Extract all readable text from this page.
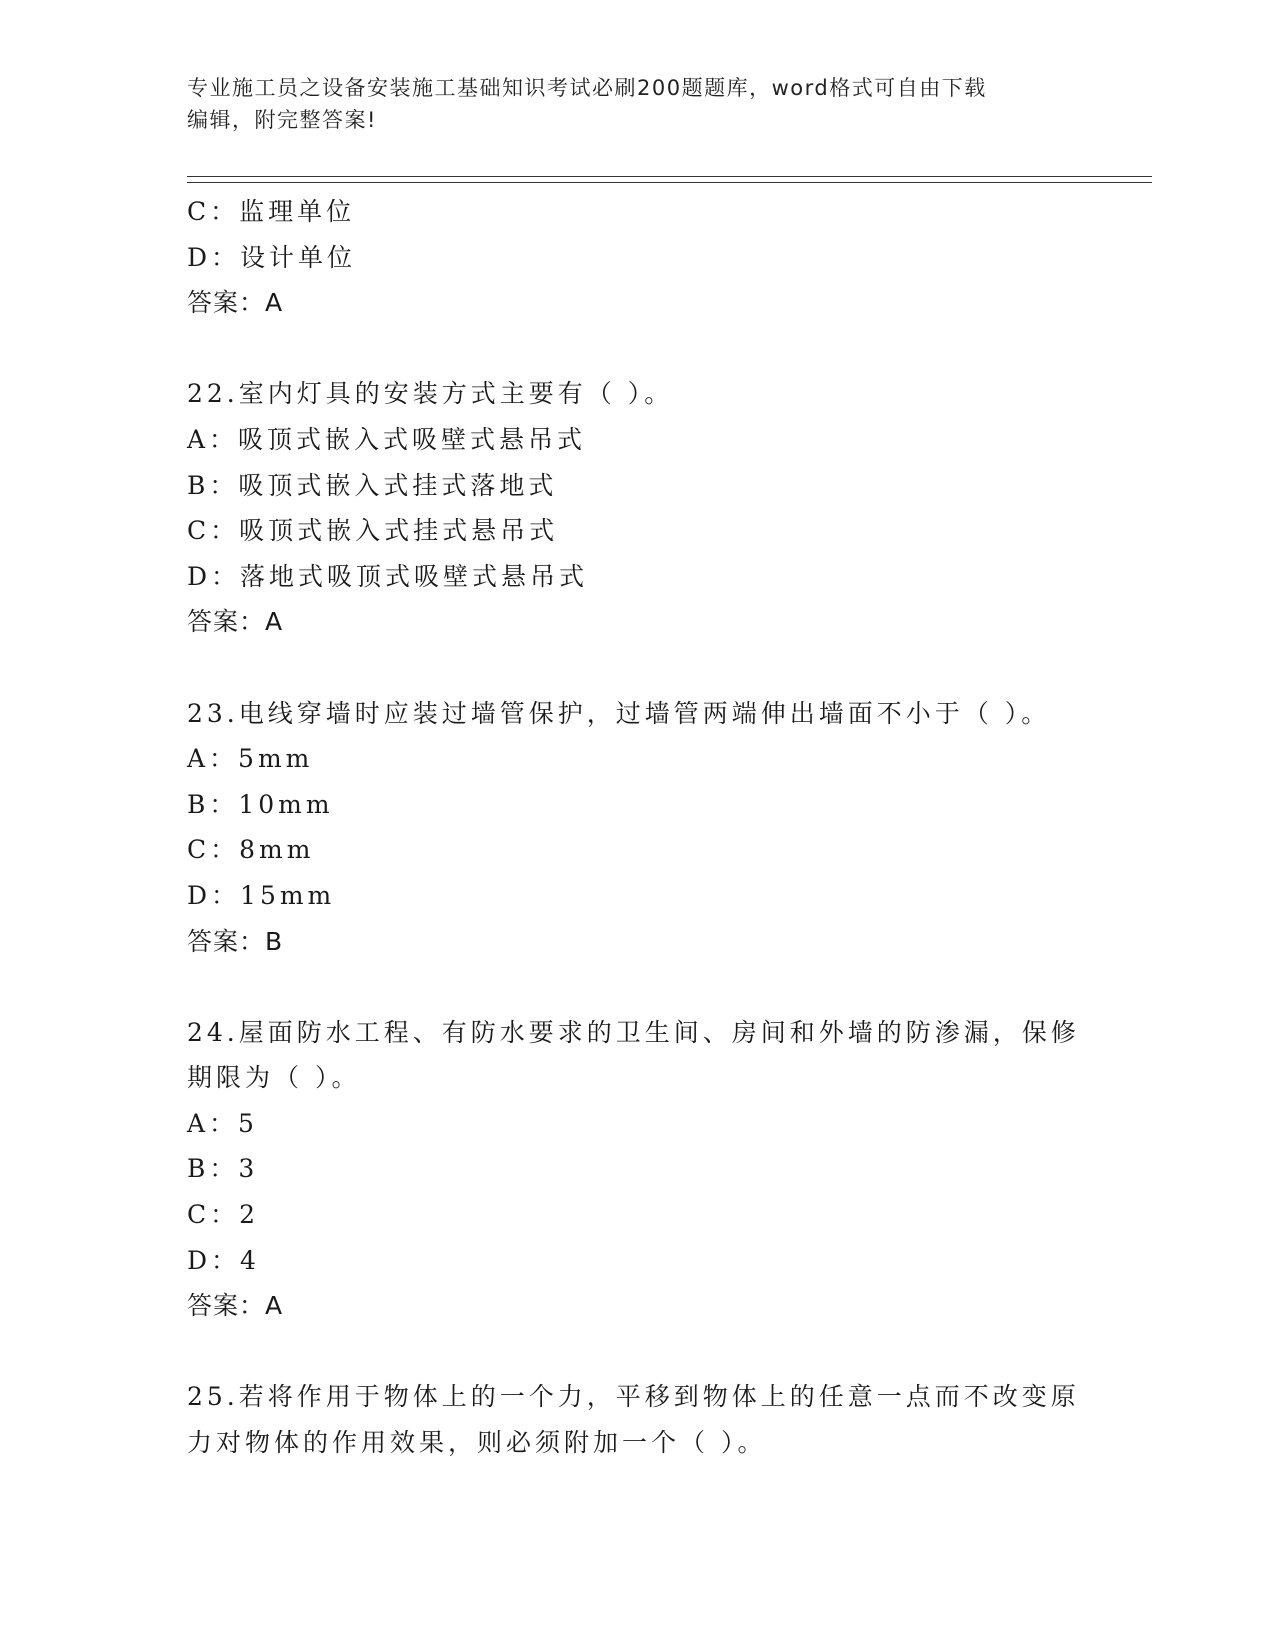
专业施工员之设备安装施工基础知识考试必刷200题题库，word格式可自由下载
编辑，附完整答案!
C：监理单位
D：设计单位
答案：A
22.室内灯具的安装方式主要有（ ）。
A：吸顶式嵌入式吸壁式悬吊式
B：吸顶式嵌入式挂式落地式
C：吸顶式嵌入式挂式悬吊式
D：落地式吸顶式吸壁式悬吊式
答案：A
23.电线穿墙时应装过墙管保护，过墙管两端伸出墙面不小于（ ）。
A：5mm
B：10mm
C：8mm
D：15mm
答案：B
24.屋面防水工程、有防水要求的卫生间、房间和外墙的防渗漏，保修
期限为（ ）。
A：5
B：3
C：2
D：4
答案：A
25.若将作用于物体上的一个力，平移到物体上的任意一点而不改变原
力对物体的作用效果，则必须附加一个（ ）。
